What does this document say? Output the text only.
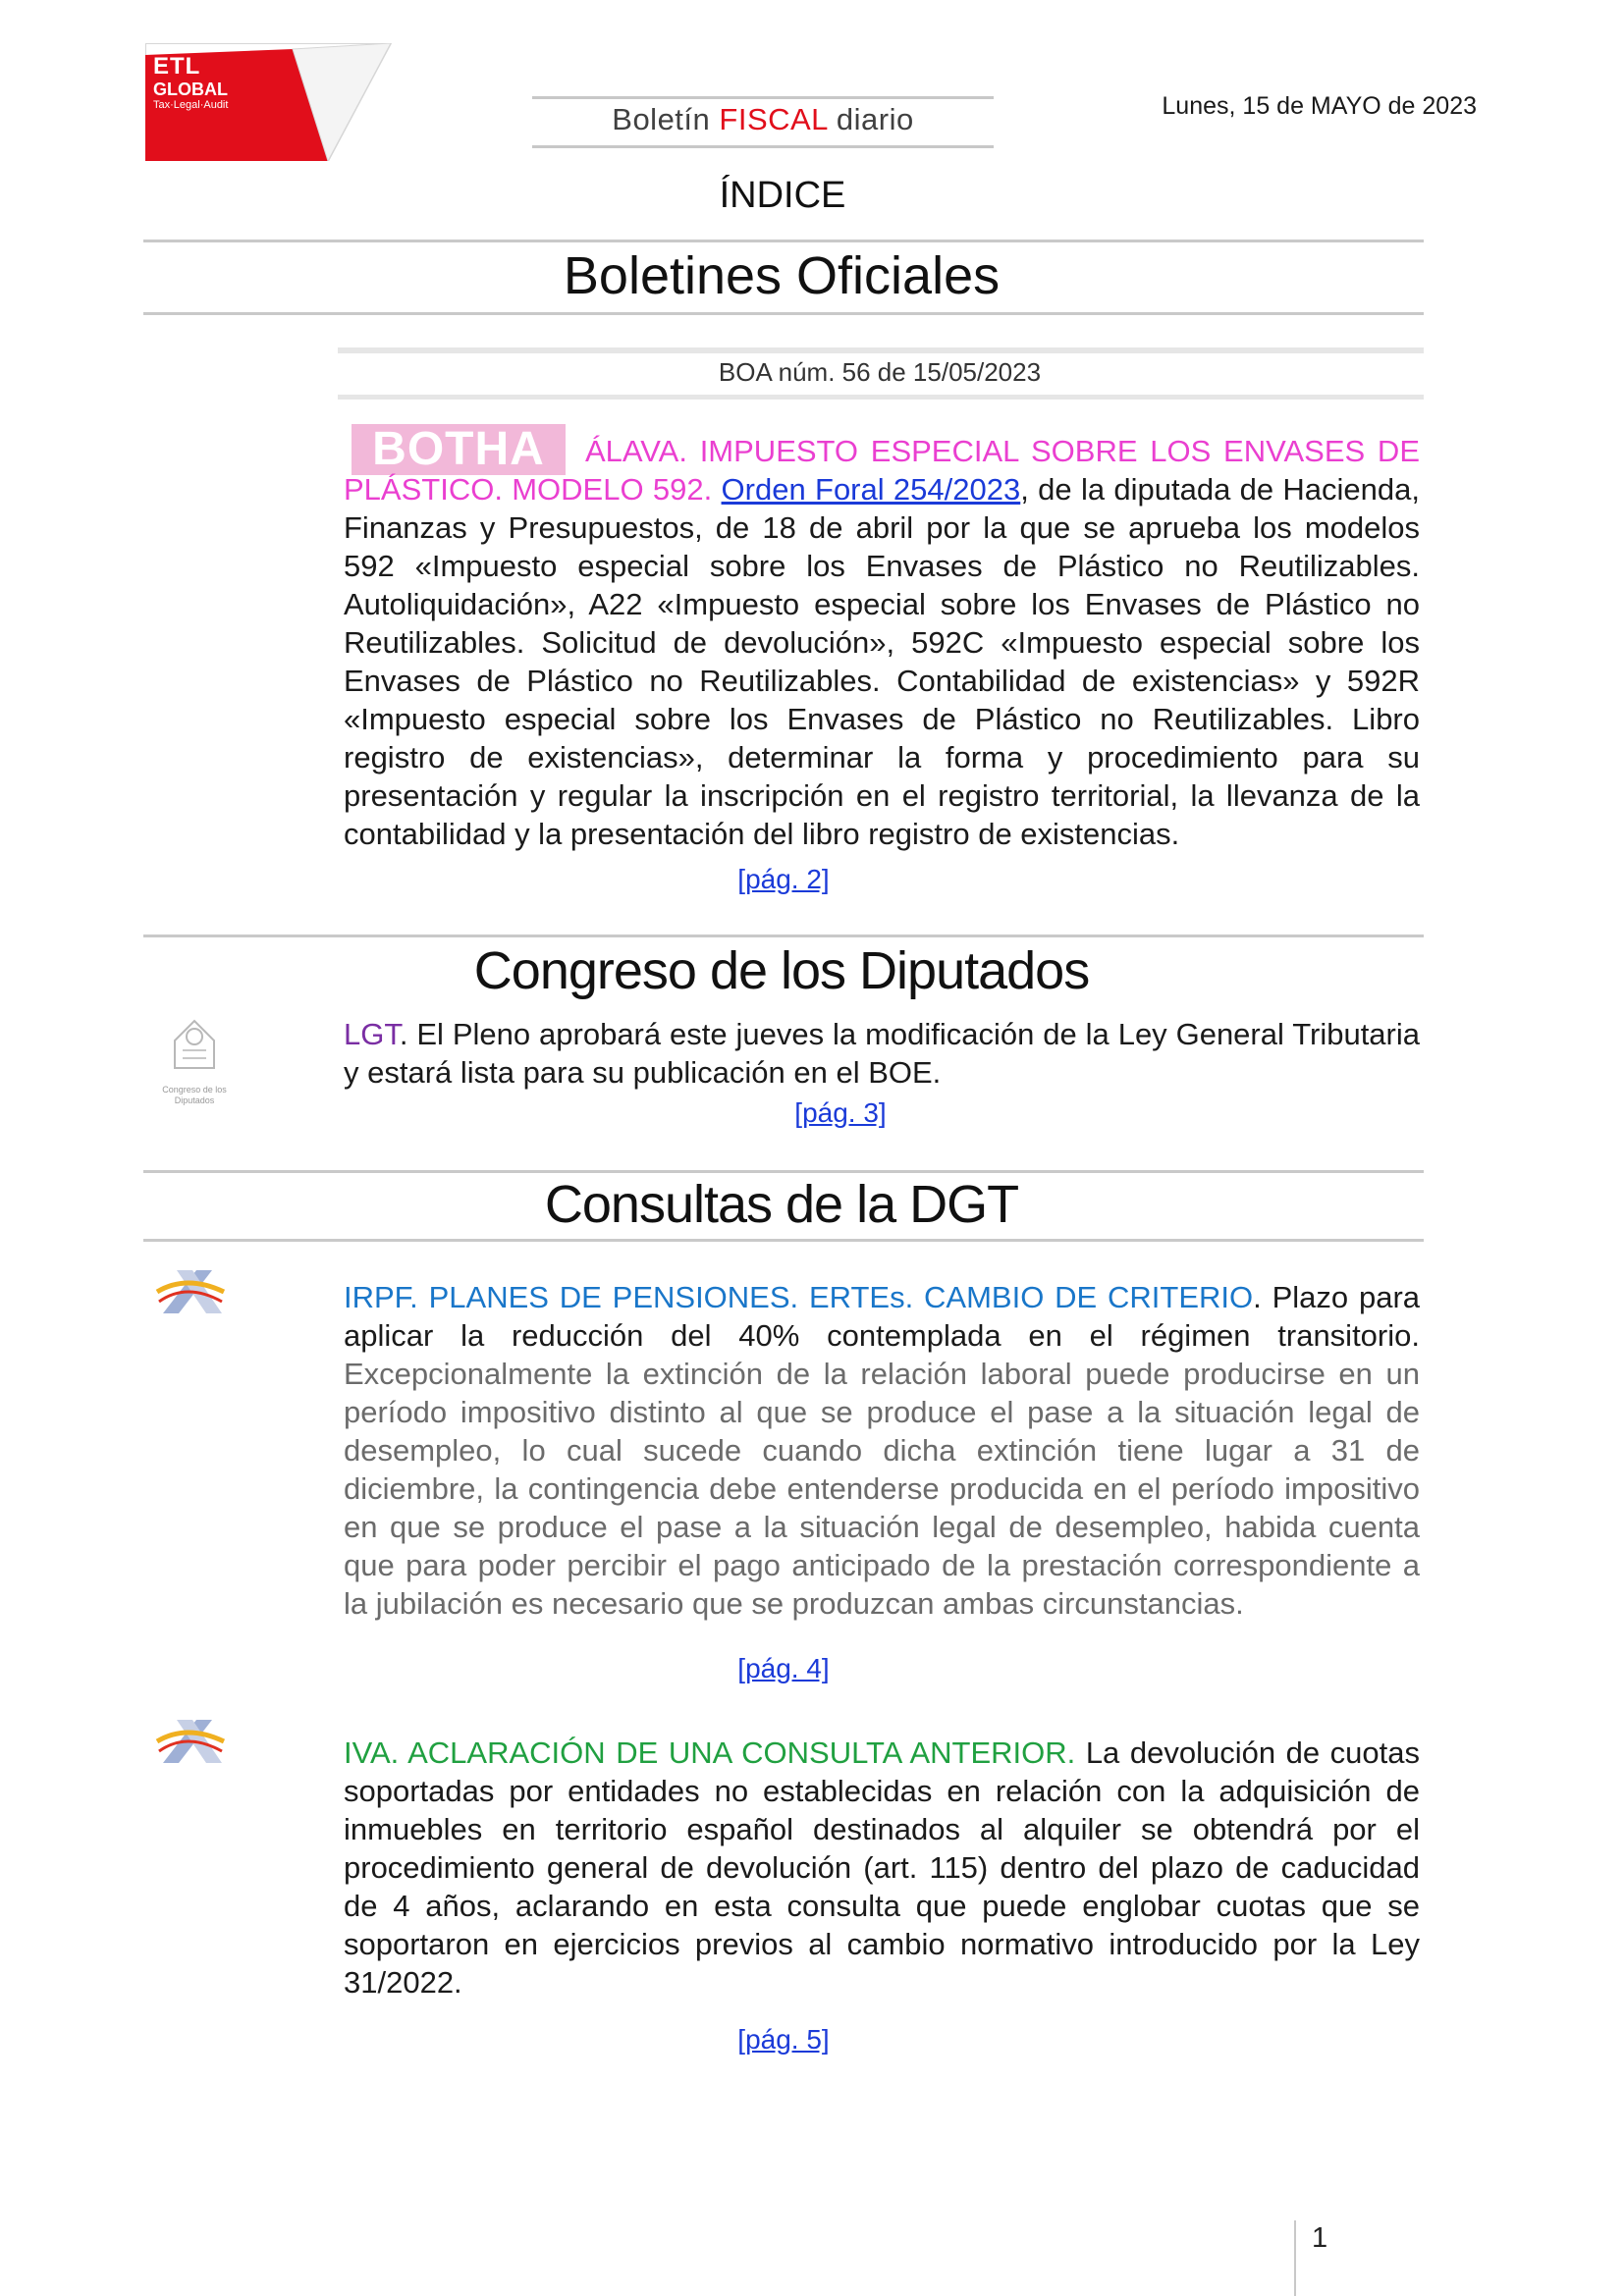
ETL
GLOBAL
Tax·Legal·Audit	Lunes, 15 de MAYO de 2023
Boletín FISCAL diario
ÍNDICE
Boletines Oficiales
BOA núm. 56 de 15/05/2023
BOTHA	ÁLAVA. IMPUESTO ESPECIAL SOBRE LOS ENVASES DE PLÁSTICO. MODELO 592. Orden Foral 254/2023, de la diputada de Hacienda, Finanzas y Presupuestos, de 18 de abril por la que se aprueba los modelos 592 «Impuesto especial sobre los Envases de Plástico no Reutilizables. Autoliquidación», A22 «Impuesto especial sobre los Envases de Plástico no Reutilizables. Solicitud de devolución», 592C «Impuesto especial sobre los Envases de Plástico no Reutilizables. Contabilidad de existencias» y 592R «Impuesto especial sobre los Envases de Plástico no Reutilizables. Libro registro de existencias», determinar la forma y procedimiento para su presentación y regular la inscripción en el registro territorial, la llevanza de la contabilidad y la presentación del libro registro de existencias.
[pág. 2]
Congreso de los Diputados
Congreso de los Diputados
LGT. El Pleno aprobará este jueves la modificación de la Ley General Tributaria y estará lista para su publicación en el BOE.
[pág. 3]
Consultas de la DGT
IRPF. PLANES DE PENSIONES. ERTEs. CAMBIO DE CRITERIO. Plazo para aplicar la reducción del 40% contemplada en el régimen transitorio. Excepcionalmente la extinción de la relación laboral puede producirse en un período impositivo distinto al que se produce el pase a la situación legal de desempleo, lo cual sucede cuando dicha extinción tiene lugar a 31 de diciembre, la contingencia debe entenderse producida en el período impositivo en que se produce el pase a la situación legal de desempleo, habida cuenta que para poder percibir el pago anticipado de la prestación correspondiente a la jubilación es necesario que se produzcan ambas circunstancias.
[pág. 4]
IVA. ACLARACIÓN DE UNA CONSULTA ANTERIOR. La devolución de cuotas soportadas por entidades no establecidas en relación con la adquisición de inmuebles en territorio español destinados al alquiler se obtendrá por el procedimiento general de devolución (art. 115) dentro del plazo de caducidad de 4 años, aclarando en esta consulta que puede englobar cuotas que se soportaron en ejercicios previos al cambio normativo introducido por la Ley 31/2022.
[pág. 5]
1
